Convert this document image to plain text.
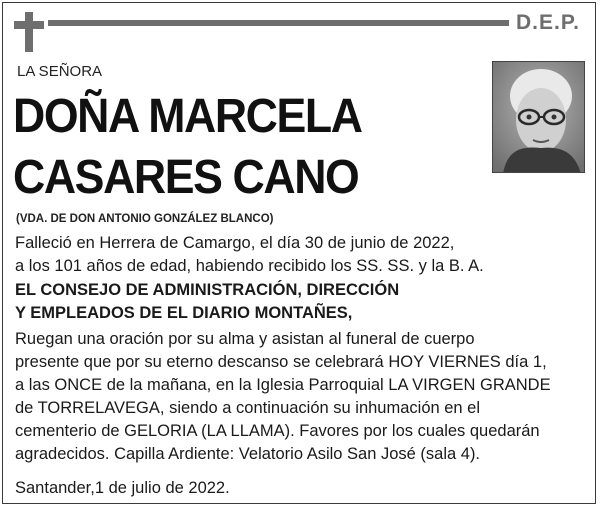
D.E.P.
LA SEÑORA
DOÑA MARCELA
CASARES CANO
(VDA. DE DON ANTONIO GONZÁLEZ BLANCO)
Falleció en Herrera de Camargo, el día 30 de junio de 2022,
a los 101 años de edad, habiendo recibido los SS. SS. y la B. A.
EL CONSEJO DE ADMINISTRACIÓN, DIRECCIÓN
Y EMPLEADOS DE EL DIARIO MONTAÑES,
Ruegan una oración por su alma y asistan al funeral de cuerpo
presente que por su eterno descanso se celebrará HOY VIERNES día 1,
a las ONCE de la mañana, en la Iglesia Parroquial LA VIRGEN GRANDE
de TORRELAVEGA, siendo a continuación su inhumación en el
cementerio de GELORIA (LA LLAMA). Favores por los cuales quedarán
agradecidos. Capilla Ardiente: Velatorio Asilo San José (sala 4).
Santander,1 de julio de 2022.
